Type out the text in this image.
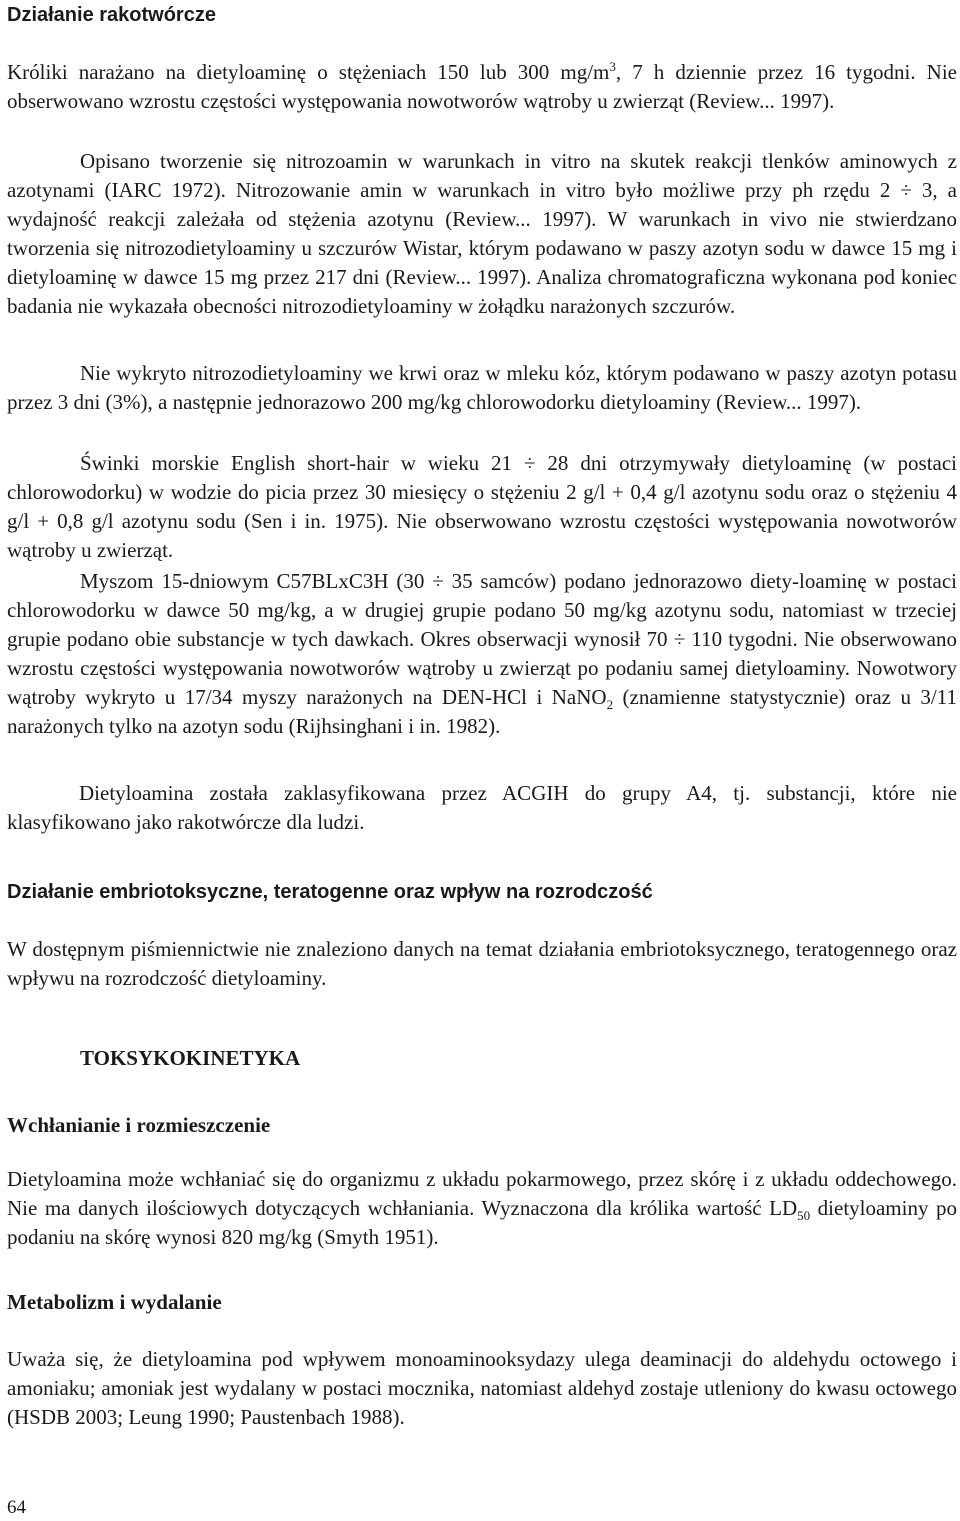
Działanie rakotwórcze

Króliki narażano na dietyloaminę o stężeniach 150 lub 300 $mg/m^3$, 7 h dziennie przez 16 tygodni. Nie obserwowano wzrostu częstości występowania nowotworów wątroby u zwierząt (Review... 1997).

Opisano tworzenie się nitrozoamin w warunkach in vitro na skutek reakcji tlenków aminowych z azotynami (IARC 1972). Nitrozowanie amin w warunkach in vitro było możliwe przy ph rzędu 2 ÷ 3, a wydajność reakcji zależała od stężenia azotynu (Review... 1997). W warunkach in vivo nie stwierdzano tworzenia się nitrozodietyloaminy u szczurów Wistar, którym podawano w paszy azotyn sodu w dawce 15 mg i dietyloaminę w dawce 15 mg przez 217 dni (Review... 1997). Analiza chromatograficzna wykonana pod koniec badania nie wykazała obecności nitrozodietyloaminy w żołądku narażonych szczurów.

Nie wykryto nitrozodietyloaminy we krwi oraz w mleku kóz, którym podawano w paszy azotyn potasu przez 3 dni (3%), a następnie jednorazowo 200 mg/kg chlorowodorku dietyloaminy (Review... 1997).

Świnki morskie English short-hair w wieku 21 ÷ 28 dni otrzymywały dietyloaminę (w postaci chlorowodorku) w wodzie do picia przez 30 miesięcy o stężeniu 2 g/l + 0,4 g/l azotynu sodu oraz o stężeniu 4 g/l + 0,8 g/l azotynu sodu (Sen i in. 1975). Nie obserwowano wzrostu częstości występowania nowotworów wątroby u zwierząt.

Myszom 15-dniowym C57BLxC3H (30 ÷ 35 samców) podano jednorazowo diety-loaminę w postaci chlorowodorku w dawce 50 mg/kg, a w drugiej grupie podano 50 mg/kg azotynu sodu, natomiast w trzeciej grupie podano obie substancje w tych dawkach. Okres obserwacji wynosił 70 ÷ 110 tygodni. Nie obserwowano wzrostu częstości występowania nowotworów wątroby u zwierząt po podaniu samej dietyloaminy. Nowotwory wątroby wykryto u 17/34 myszy narażonych na DEN-HCl i NaNO$_2$ (znamienne statystycznie) oraz u 3/11 narażonych tylko na azotyn sodu (Rijhsinghani i in. 1982).

Dietyloamina została zaklasyfikowana przez ACGIH do grupy A4, tj. substancji, które nie klasyfikowano jako rakotwórcze dla ludzi.

Działanie embriotoksyczne, teratogenne oraz wpływ na rozrodczość

W dostępnym piśmiennictwie nie znaleziono danych na temat działania embriotoksycznego, teratogennego oraz wpływu na rozrodczość dietyloaminy.

TOKSYKOKINETYKA
Wchłanianie i rozmieszczenie

Dietyloamina może wchłaniać się do organizmu z układu pokarmowego, przez skórę i z układu oddechowego. Nie ma danych ilościowych dotyczących wchłaniania. Wyznaczona dla królika wartość $LD_{50}$ dietyloaminy po podaniu na skórę wynosi 820 mg/kg (Smyth 1951).

Metabolizm i wydalanie

Uważa się, że dietyloamina pod wpływem monoaminooksydazy ulega deaminacji do aldehydu octowego i amoniaku; amoniak jest wydalany w postaci mocznika, natomiast aldehyd zostaje utleniony do kwasu octowego (HSDB 2003; Leung 1990; Paustenbach 1988).

64
